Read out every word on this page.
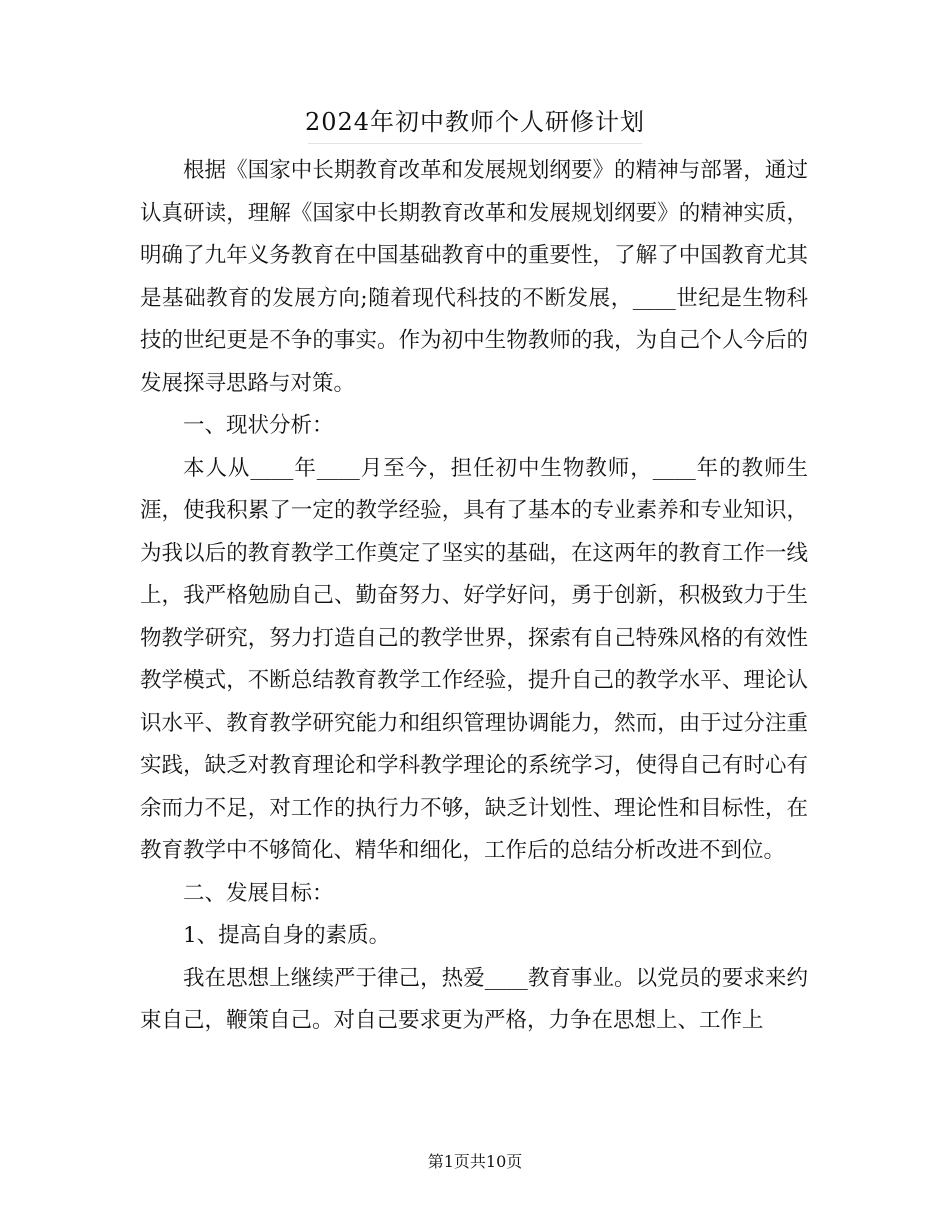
2024年初中教师个人研修计划

根据《国家中长期教育改革和发展规划纲要》的精神与部署，通过认真研读，理解《国家中长期教育改革和发展规划纲要》的精神实质，明确了九年义务教育在中国基础教育中的重要性，了解了中国教育尤其是基础教育的发展方向;随着现代科技的不断发展，____世纪是生物科技的世纪更是不争的事实。作为初中生物教师的我，为自己个人今后的发展探寻思路与对策。

一、现状分析：

本人从____年____月至今，担任初中生物教师，____年的教师生涯，使我积累了一定的教学经验，具有了基本的专业素养和专业知识，为我以后的教育教学工作奠定了坚实的基础，在这两年的教育工作一线上，我严格勉励自己、勤奋努力、好学好问，勇于创新，积极致力于生物教学研究，努力打造自己的教学世界，探索有自己特殊风格的有效性教学模式，不断总结教育教学工作经验，提升自己的教学水平、理论认识水平、教育教学研究能力和组织管理协调能力，然而，由于过分注重实践，缺乏对教育理论和学科教学理论的系统学习，使得自己有时心有余而力不足，对工作的执行力不够，缺乏计划性、理论性和目标性，在教育教学中不够简化、精华和细化，工作后的总结分析改进不到位。

二、发展目标：

1、提高自身的素质。

我在思想上继续严于律己，热爱____教育事业。以党员的要求来约束自己，鞭策自己。对自己要求更为严格，力争在思想上、工作上

第1页共10页
